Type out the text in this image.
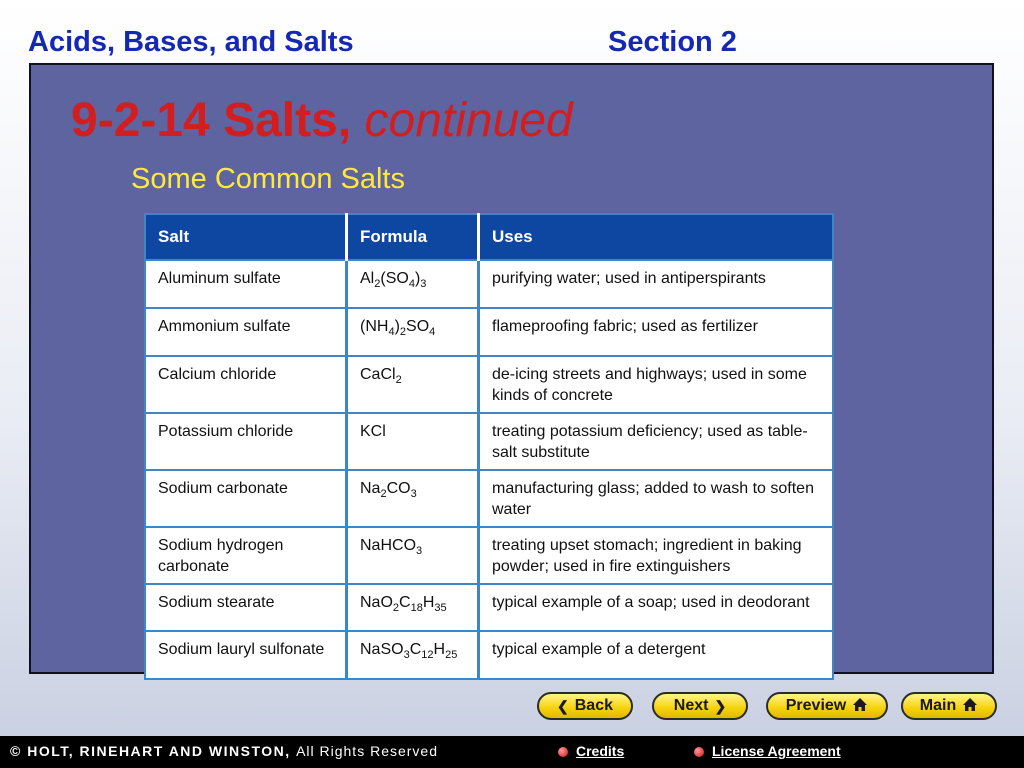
Acids, Bases, and Salts	Section 2
9-2-14 Salts, continued
Some Common Salts
Salt	Formula	Uses
Aluminum sulfate	$Al_2(SO_4)_3$	purifying water; used in antiperspirants
Ammonium sulfate	$(NH_4)_2SO_4$	flameproofing fabric; used as fertilizer
Calcium chloride	CaCl$_2$	de-icing streets and highways; used in some kinds of concrete
Potassium chloride	KCl	treating potassium deficiency; used as table-salt substitute
Sodium carbonate	$Na_2CO_3$	manufacturing glass; added to wash to soften water
Sodium hydrogen carbonate	NaHCO$_3$	treating upset stomach; ingredient in baking powder; used in fire extinguishers
Sodium stearate	$NaO_2C_{18}H_{35}$	typical example of a soap; used in deodorant
Sodium lauryl sulfonate	$NaSO_3C_{12}H_{25}$	typical example of a detergent
❮ Back	Next ❯	Preview	Main
© HOLT, RINEHART AND WINSTON, All Rights Reserved	Credits	License Agreement
